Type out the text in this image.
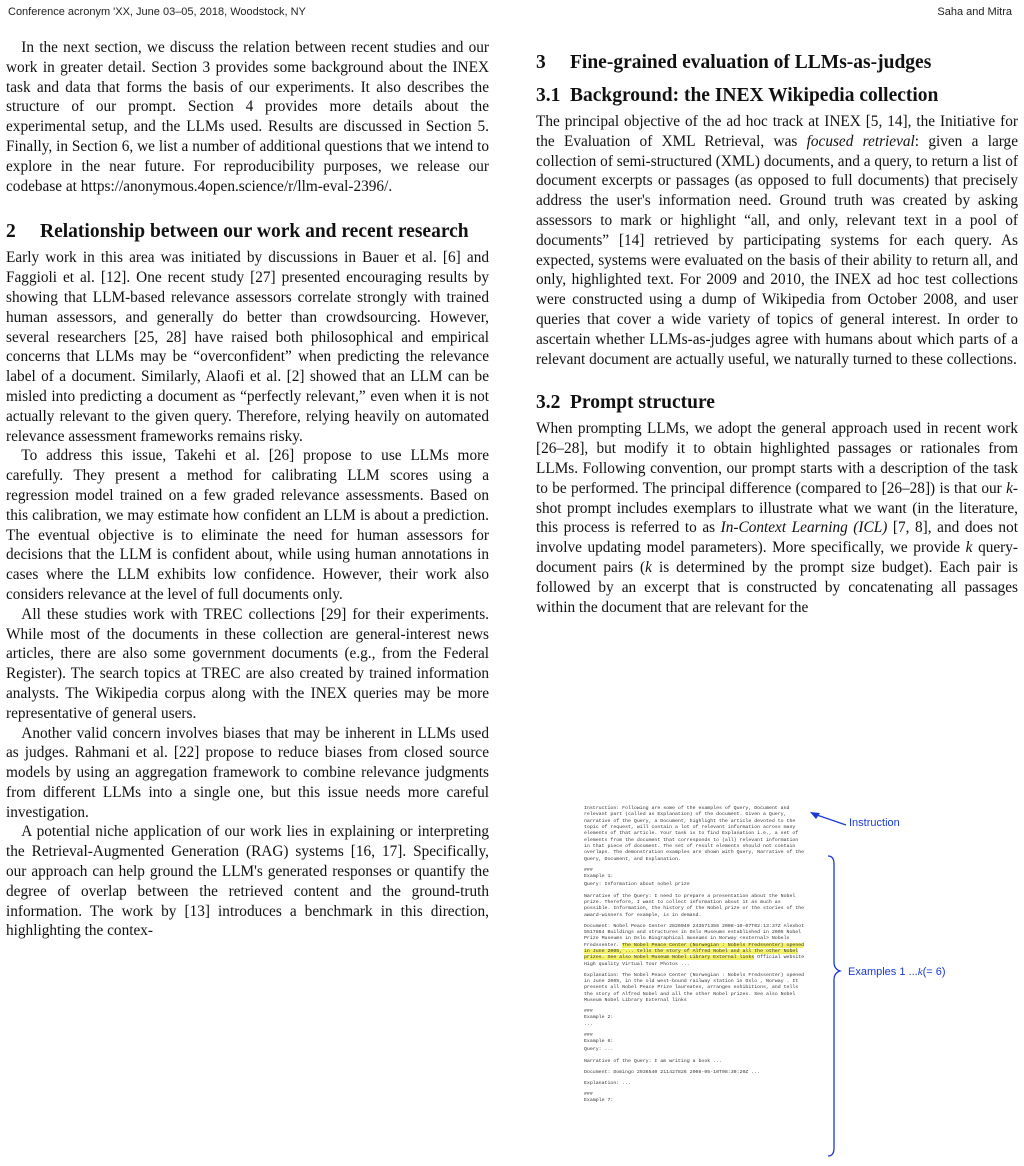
Conference acronym 'XX, June 03–05, 2018, Woodstock, NY	Saha and Mitra

In the next section, we discuss the relation between recent studies and our work in greater detail. Section 3 provides some background about the INEX task and data that forms the basis of our experiments. It also describes the structure of our prompt. Section 4 provides more details about the experimental setup, and the LLMs used. Results are discussed in Section 5. Finally, in Section 6, we list a number of additional questions that we intend to explore in the near future. For reproducibility purposes, we release our codebase at https://anonymous.4open.science/r/llm-eval-2396/.

2	Relationship between our work and recent research

Early work in this area was initiated by discussions in Bauer et al. [6] and Faggioli et al. [12]. One recent study [27] presented encouraging results by showing that LLM-based relevance assessors correlate strongly with trained human assessors, and generally do better than crowdsourcing. However, several researchers [25, 28] have raised both philosophical and empirical concerns that LLMs may be “overconfident” when predicting the relevance label of a document. Similarly, Alaofi et al. [2] showed that an LLM can be misled into predicting a document as “perfectly relevant,” even when it is not actually relevant to the given query. Therefore, relying heavily on automated relevance assessment frameworks remains risky.

To address this issue, Takehi et al. [26] propose to use LLMs more carefully. They present a method for calibrating LLM scores using a regression model trained on a few graded relevance assessments. Based on this calibration, we may estimate how confident an LLM is about a prediction. The eventual objective is to eliminate the need for human assessors for decisions that the LLM is confident about, while using human annotations in cases where the LLM exhibits low confidence. However, their work also considers relevance at the level of full documents only.

All these studies work with TREC collections [29] for their experiments. While most of the documents in these collection are general-interest news articles, there are also some government documents (e.g., from the Federal Register). The search topics at TREC are also created by trained information analysts. The Wikipedia corpus along with the INEX queries may be more representative of general users.

Another valid concern involves biases that may be inherent in LLMs used as judges. Rahmani et al. [22] propose to reduce biases from closed source models by using an aggregation framework to combine relevance judgments from different LLMs into a single one, but this issue needs more careful investigation.

A potential niche application of our work lies in explaining or interpreting the Retrieval-Augmented Generation (RAG) systems [16, 17]. Specifically, our approach can help ground the LLM's generated responses or quantify the degree of overlap between the retrieved content and the ground-truth information. The work by [13] introduces a benchmark in this direction, highlighting the contex-

3	Fine-grained evaluation of LLMs-as-judges
3.1 Background: the INEX Wikipedia collection

The principal objective of the ad hoc track at INEX [5, 14], the Initiative for the Evaluation of XML Retrieval, was focused retrieval: given a large collection of semi-structured (XML) documents, and a query, to return a list of document excerpts or passages (as opposed to full documents) that precisely address the user's information need. Ground truth was created by asking assessors to mark or highlight “all, and only, relevant text in a pool of documents” [14] retrieved by participating systems for each query. As expected, systems were evaluated on the basis of their ability to return all, and only, highlighted text. For 2009 and 2010, the INEX ad hoc test collections were constructed using a dump of Wikipedia from October 2008, and user queries that cover a wide variety of topics of general interest. In order to ascertain whether LLMs-as-judges agree with humans about which parts of a relevant document are actually useful, we naturally turned to these collections.

3.2 Prompt structure

When prompting LLMs, we adopt the general approach used in recent work [26–28], but modify it to obtain highlighted passages or rationales from LLMs. Following convention, our prompt starts with a description of the task to be performed. The principal difference (compared to [26–28]) is that our k-shot prompt includes exemplars to illustrate what we want (in the literature, this process is referred to as In-Context Learning (ICL) [7, 8], and does not involve updating model parameters). More specifically, we provide k query-document pairs (k is determined by the prompt size budget). Each pair is followed by an excerpt that is constructed by concatenating all passages within the document that are relevant for the

Instruction: Following are some of the examples of Query, Document and relevant part (called as Explanation) of the document. Given a Query, narrative of the Query, a Document, highlight the article devoted to the topic of request, will contain a lot of relevant information across many elements of that article. Your task is to find Explanation i.e., a set of elements from the document that corresponds to (all) relevant information in that piece of document. The set of result elements should not contain overlaps. The demonstration examples are shown with Query, Narrative of the Query, Document, and Explanation.

###
Example 1:

Query: Information about nobel prize

Narrative of the Query: I need to prepare a presentation about the Nobel prize. Therefore, I want to collect information about it as much as possible. Information, the history of the Nobel prize or the stories of the award-winners for example, is in demand.

Document: Nobel Peace Center 2826040 243571356 2008-10-07T02:13:37Z Alexbot 5517884 Buildings and structures in Oslo Museums established in 2005 Nobel Prize Museums in Oslo Biographical museums in Norway <external> Nobels Fredssenter. The Nobel Peace Center (Norwegian : Nobels Fredssenter) opened in June 2005, ... tells the story of Alfred Nobel and all the other Nobel prizes. See also Nobel Museum Nobel Library External links Official website High quality Virtual Tour Photos ...

Explanation: The Nobel Peace Center (Norwegian : Nobels Fredssenter) opened in June 2005, in the old west-bound railway station in Oslo , Norway . It presents all Nobel Peace Prize laureates, arranges exhibitions, and tells the story of Alfred Nobel and all the other Nobel prizes. See also Nobel Museum Nobel Library External links

###
Example 2:
...

###
Example 6:

Query: ...

Narrative of the Query: I am writing a book ...

Document: Domingo 2936540 211427826 2008-05-10T08:30:20Z ...

Explanation: ...

###
Example 7:

Instruction
Examples 1 ...k(= 6)
